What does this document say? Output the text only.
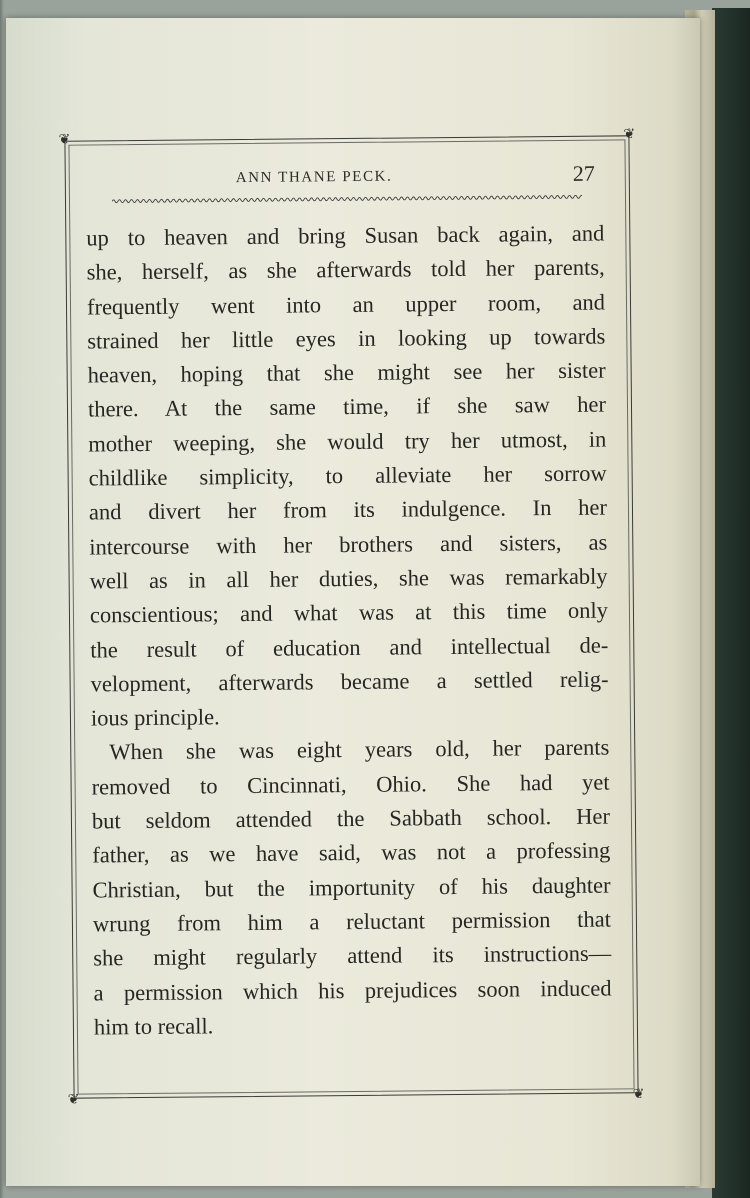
❦	❦
❦	❦
ANN THANE PECK.	27
up to heaven and bring Susan back again, and
she, herself, as she afterwards told her parents,
frequently went into an upper room, and
strained her little eyes in looking up towards
heaven, hoping that she might see her sister
there. At the same time, if she saw her
mother weeping, she would try her utmost, in
childlike simplicity, to alleviate her sorrow
and divert her from its indulgence. In her
intercourse with her brothers and sisters, as
well as in all her duties, she was remarkably
conscientious; and what was at this time only
the result of education and intellectual de-
velopment, afterwards became a settled relig-
ious principle.
When she was eight years old, her parents
removed to Cincinnati, Ohio. She had yet
but seldom attended the Sabbath school. Her
father, as we have said, was not a professing
Christian, but the importunity of his daughter
wrung from him a reluctant permission that
she might regularly attend its instructions—
a permission which his prejudices soon induced
him to recall.
